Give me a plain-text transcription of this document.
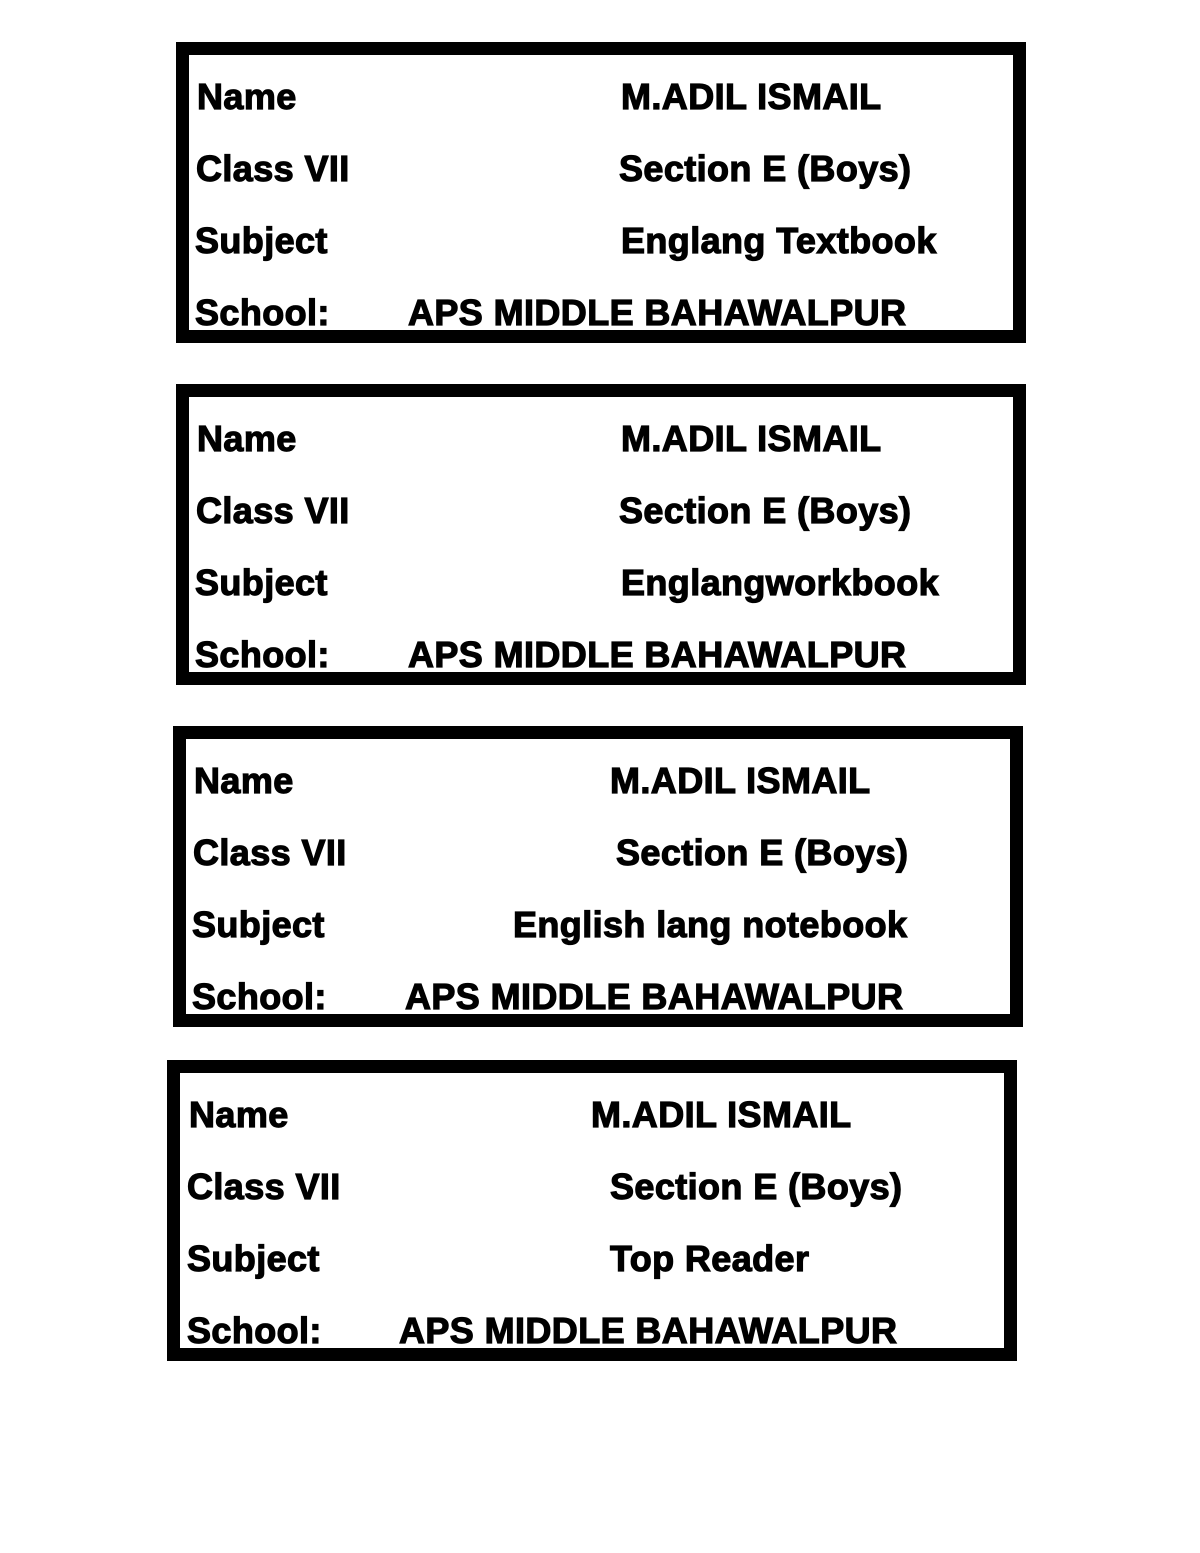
Name	M.ADIL ISMAIL
Class VII	Section E (Boys)
Subject	Englang Textbook
School: APS MIDDLE BAHAWALPUR
Name	M.ADIL ISMAIL
Class VII	Section E (Boys)
Subject	Englangworkbook
School: APS MIDDLE BAHAWALPUR
Name	M.ADIL ISMAIL
Class VII	Section E (Boys)
Subject	English lang notebook
School: APS MIDDLE BAHAWALPUR
Name	M.ADIL ISMAIL
Class VII	Section E (Boys)
Subject	Top Reader
School: APS MIDDLE BAHAWALPUR
